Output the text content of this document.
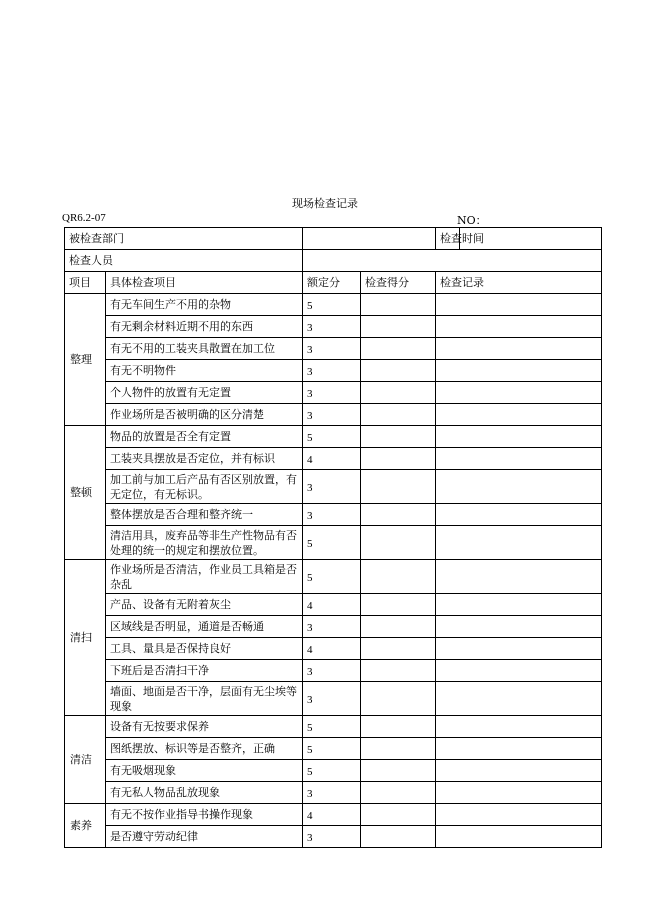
现场检查记录
QR6.2-07	NO：
被检查部门				检查时间	
检查人员					
项目	具体检查项目	额定分	检查得分	检查记录	
整理	有无车间生产不用的杂物	5			
	有无剩余材料近期不用的东西	3			
	有无不用的工装夹具散置在加工位	3			
	有无不明物件	3			
	个人物件的放置有无定置	3			
	作业场所是否被明确的区分清楚	3			
整顿	物品的放置是否全有定置	5			
	工装夹具摆放是否定位，并有标识	4			
	加工前与加工后产品有否区别放置，有无定位，有无标识。	3			
	整体摆放是否合理和整齐统一	3			
	清洁用具，废弃品等非生产性物品有否处理的统一的规定和摆放位置。	5			
清扫	作业场所是否清洁，作业员工具箱是否杂乱	5			
	产品、设备有无附着灰尘	4			
	区域线是否明显，通道是否畅通	3			
	工具、量具是否保持良好	4			
	下班后是否清扫干净	3			
	墙面、地面是否干净，层面有无尘埃等现象	3			
清洁	设备有无按要求保养	5			
	图纸摆放、标识等是否整齐，正确	5			
	有无吸烟现象	5			
	有无私人物品乱放现象	3			
素养	有无不按作业指导书操作现象	4			
	是否遵守劳动纪律	3			
